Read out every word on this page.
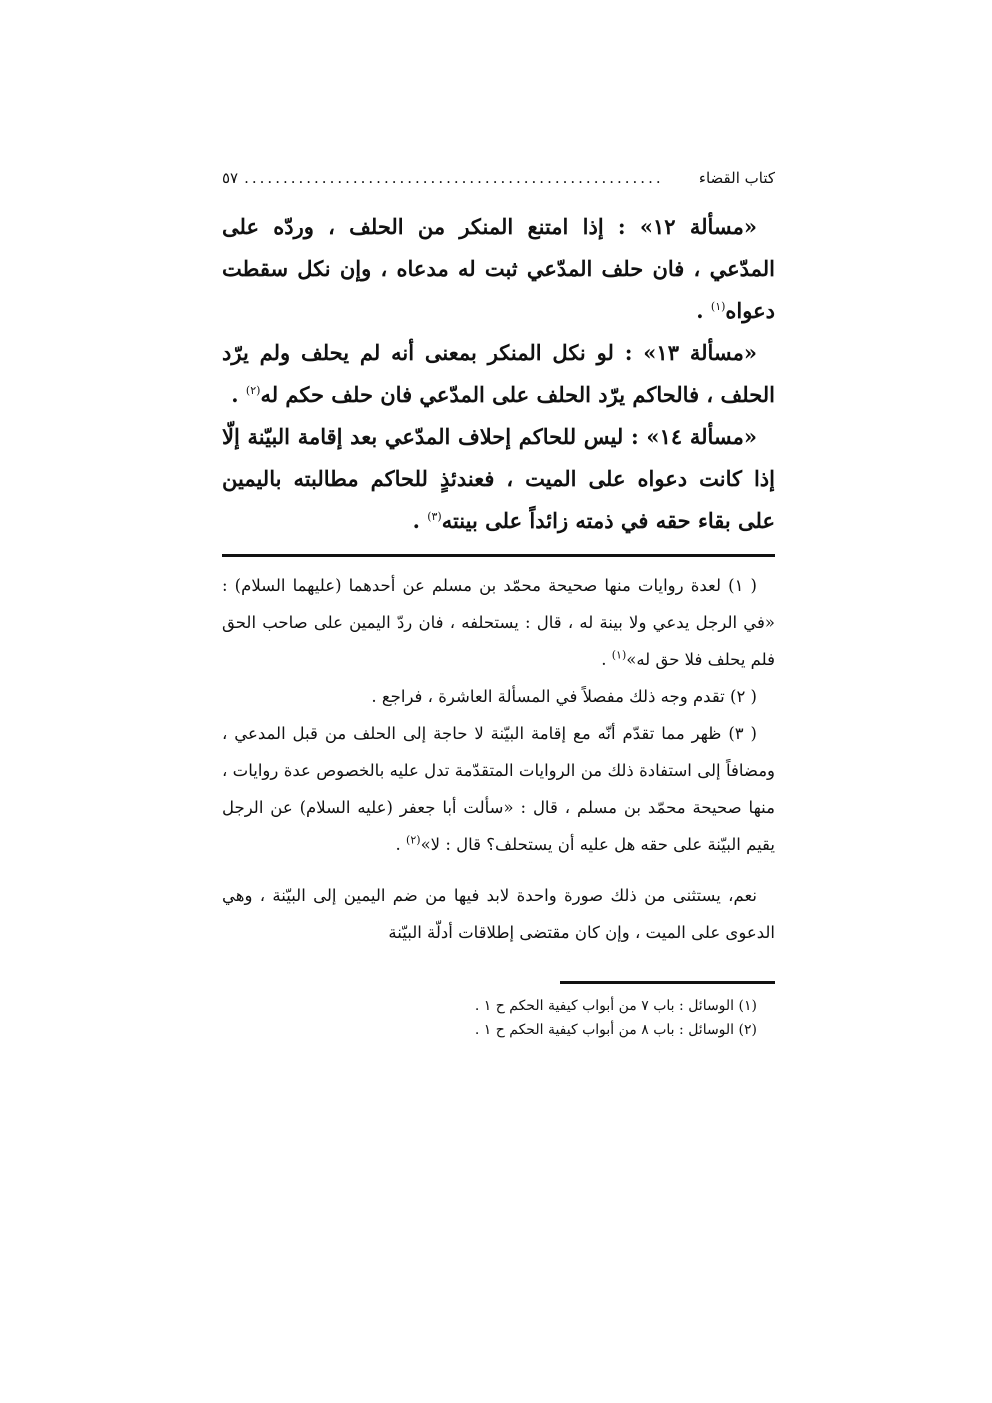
كتاب القضاء
......................................................
٥٧

«مسألة ١٢» : إذا امتنع المنكر من الحلف ، وردّه على المدّعي ، فان حلف المدّعي ثبت له مدعاه ، وإن نكل سقطت دعواه$^{(١)}$ .

«مسألة ١٣» : لو نكل المنكر بمعنى أنه لم يحلف ولم يرّد الحلف ، فالحاكم يرّد الحلف على المدّعي فان حلف حكم له$^{(٢)}$ .

«مسألة ١٤» : ليس للحاكم إحلاف المدّعي بعد إقامة البيّنة إلّا إذا كانت دعواه على الميت ، فعندئذٍ للحاكم مطالبته باليمين على بقاء حقه في ذمته زائداً على بينته$^{(٣)}$ .

( ١) لعدة روايات منها صحيحة محمّد بن مسلم عن أحدهما (عليهما السلام) : «في الرجل يدعي ولا بينة له ، قال : يستحلفه ، فان ردّ اليمين على صاحب الحق فلم يحلف فلا حق له»$^{(١)}$ .

( ٢) تقدم وجه ذلك مفصلاً في المسألة العاشرة ، فراجع .

( ٣) ظهر مما تقدّم أنّه مع إقامة البيّنة لا حاجة إلى الحلف من قبل المدعي ، ومضافاً إلى استفادة ذلك من الروايات المتقدّمة تدل عليه بالخصوص عدة روايات ، منها صحيحة محمّد بن مسلم ، قال : «سألت أبا جعفر (عليه السلام) عن الرجل يقيم البيّنة على حقه هل عليه أن يستحلف؟ قال : لا»$^{(٢)}$ .

نعم، يستثنى من ذلك صورة واحدة لابد فيها من ضم اليمين إلى البيّنة ، وهي الدعوى على الميت ، وإن كان مقتضى إطلاقات أدلّة البيّنة

(١) الوسائل : باب ٧ من أبواب كيفية الحكم ح ١ .

(٢) الوسائل : باب ٨ من أبواب كيفية الحكم ح ١ .
